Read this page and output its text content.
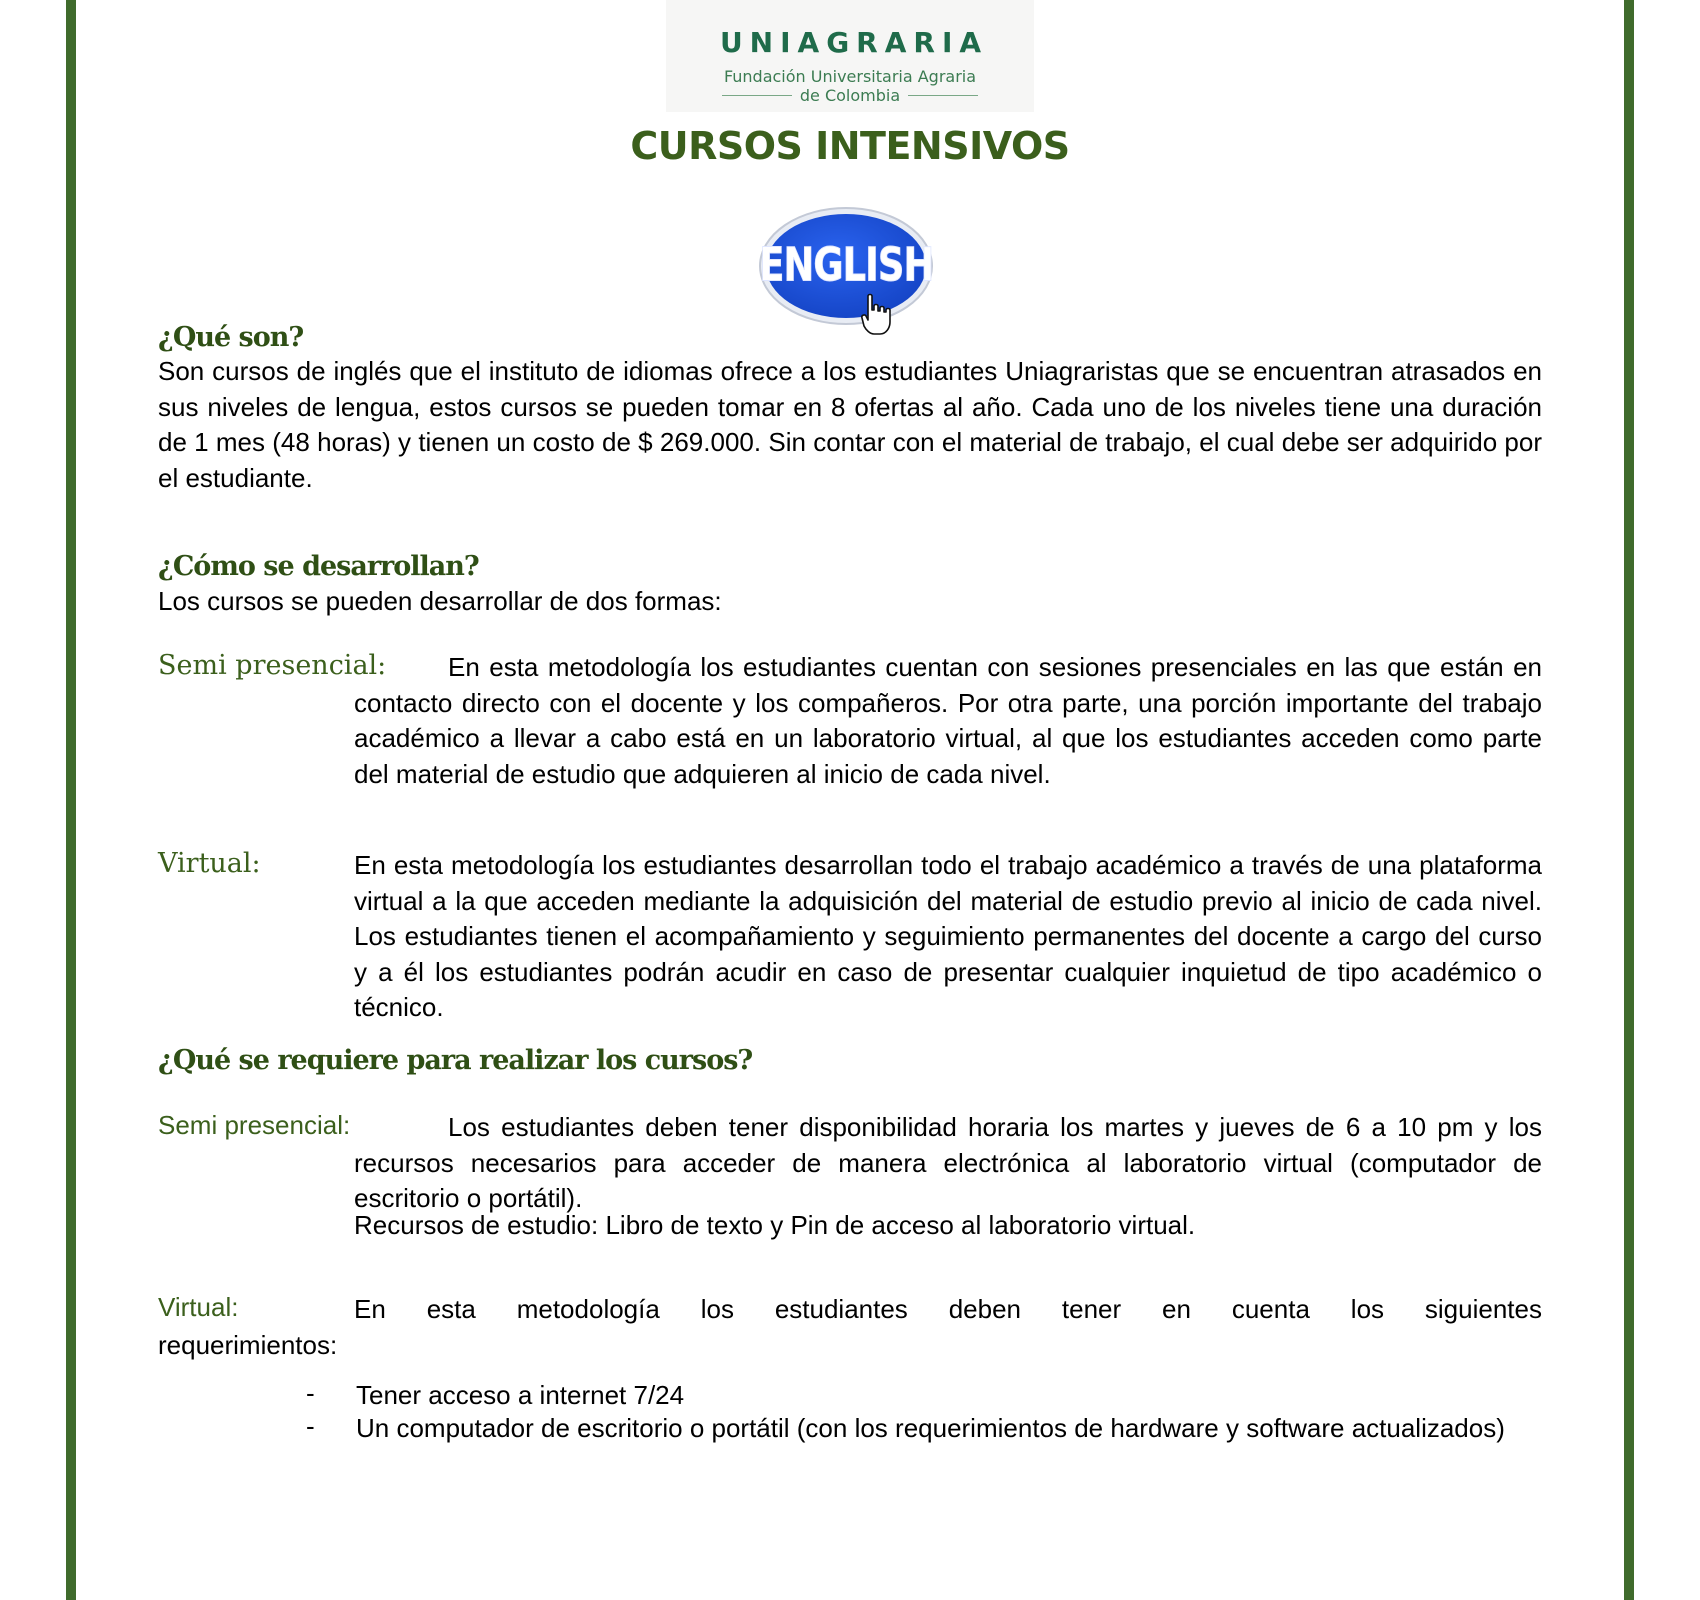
UNIAGRARIA
Fundación Universitaria Agraria
de Colombia
CURSOS INTENSIVOS
ENGLISH
¿Qué son?

Son cursos de inglés que el instituto de idiomas ofrece a los estudiantes Uniagraristas que se encuentran atrasados en sus niveles de lengua, estos cursos se pueden tomar en 8 ofertas al año. Cada uno de los niveles tiene una duración de 1 mes (48 horas) y tienen un costo de $ 269.000. Sin contar con el material de trabajo, el cual debe ser adquirido por el estudiante.

¿Cómo se desarrollan?

Los cursos se pueden desarrollar de dos formas:

Semi presencial:	En esta metodología los estudiantes cuentan con sesiones presenciales en las que están en contacto directo con el docente y los compañeros. Por otra parte, una porción importante del trabajo académico a llevar a cabo está en un laboratorio virtual, al que los estudiantes acceden como parte del material de estudio que adquieren al inicio de cada nivel.

Virtual:	En esta metodología los estudiantes desarrollan todo el trabajo académico a través de una plataforma virtual a la que acceden mediante la adquisición del material de estudio previo al inicio de cada nivel. Los estudiantes tienen el acompañamiento y seguimiento permanentes del docente a cargo del curso y a él los estudiantes podrán acudir en caso de presentar cualquier inquietud de tipo académico o técnico.

¿Qué se requiere para realizar los cursos?
Semi presencial:	Los estudiantes deben tener disponibilidad horaria los martes y jueves de 6 a 10 pm y los recursos necesarios para acceder de manera electrónica al laboratorio virtual (computador de escritorio o portátil).

Recursos de estudio: Libro de texto y Pin de acceso al laboratorio virtual.

Virtual:	En esta metodología los estudiantes deben tener en cuenta los siguientes requerimientos:

- Tener acceso a internet 7/24

- Un computador de escritorio o portátil (con los requerimientos de hardware y software actualizados)
